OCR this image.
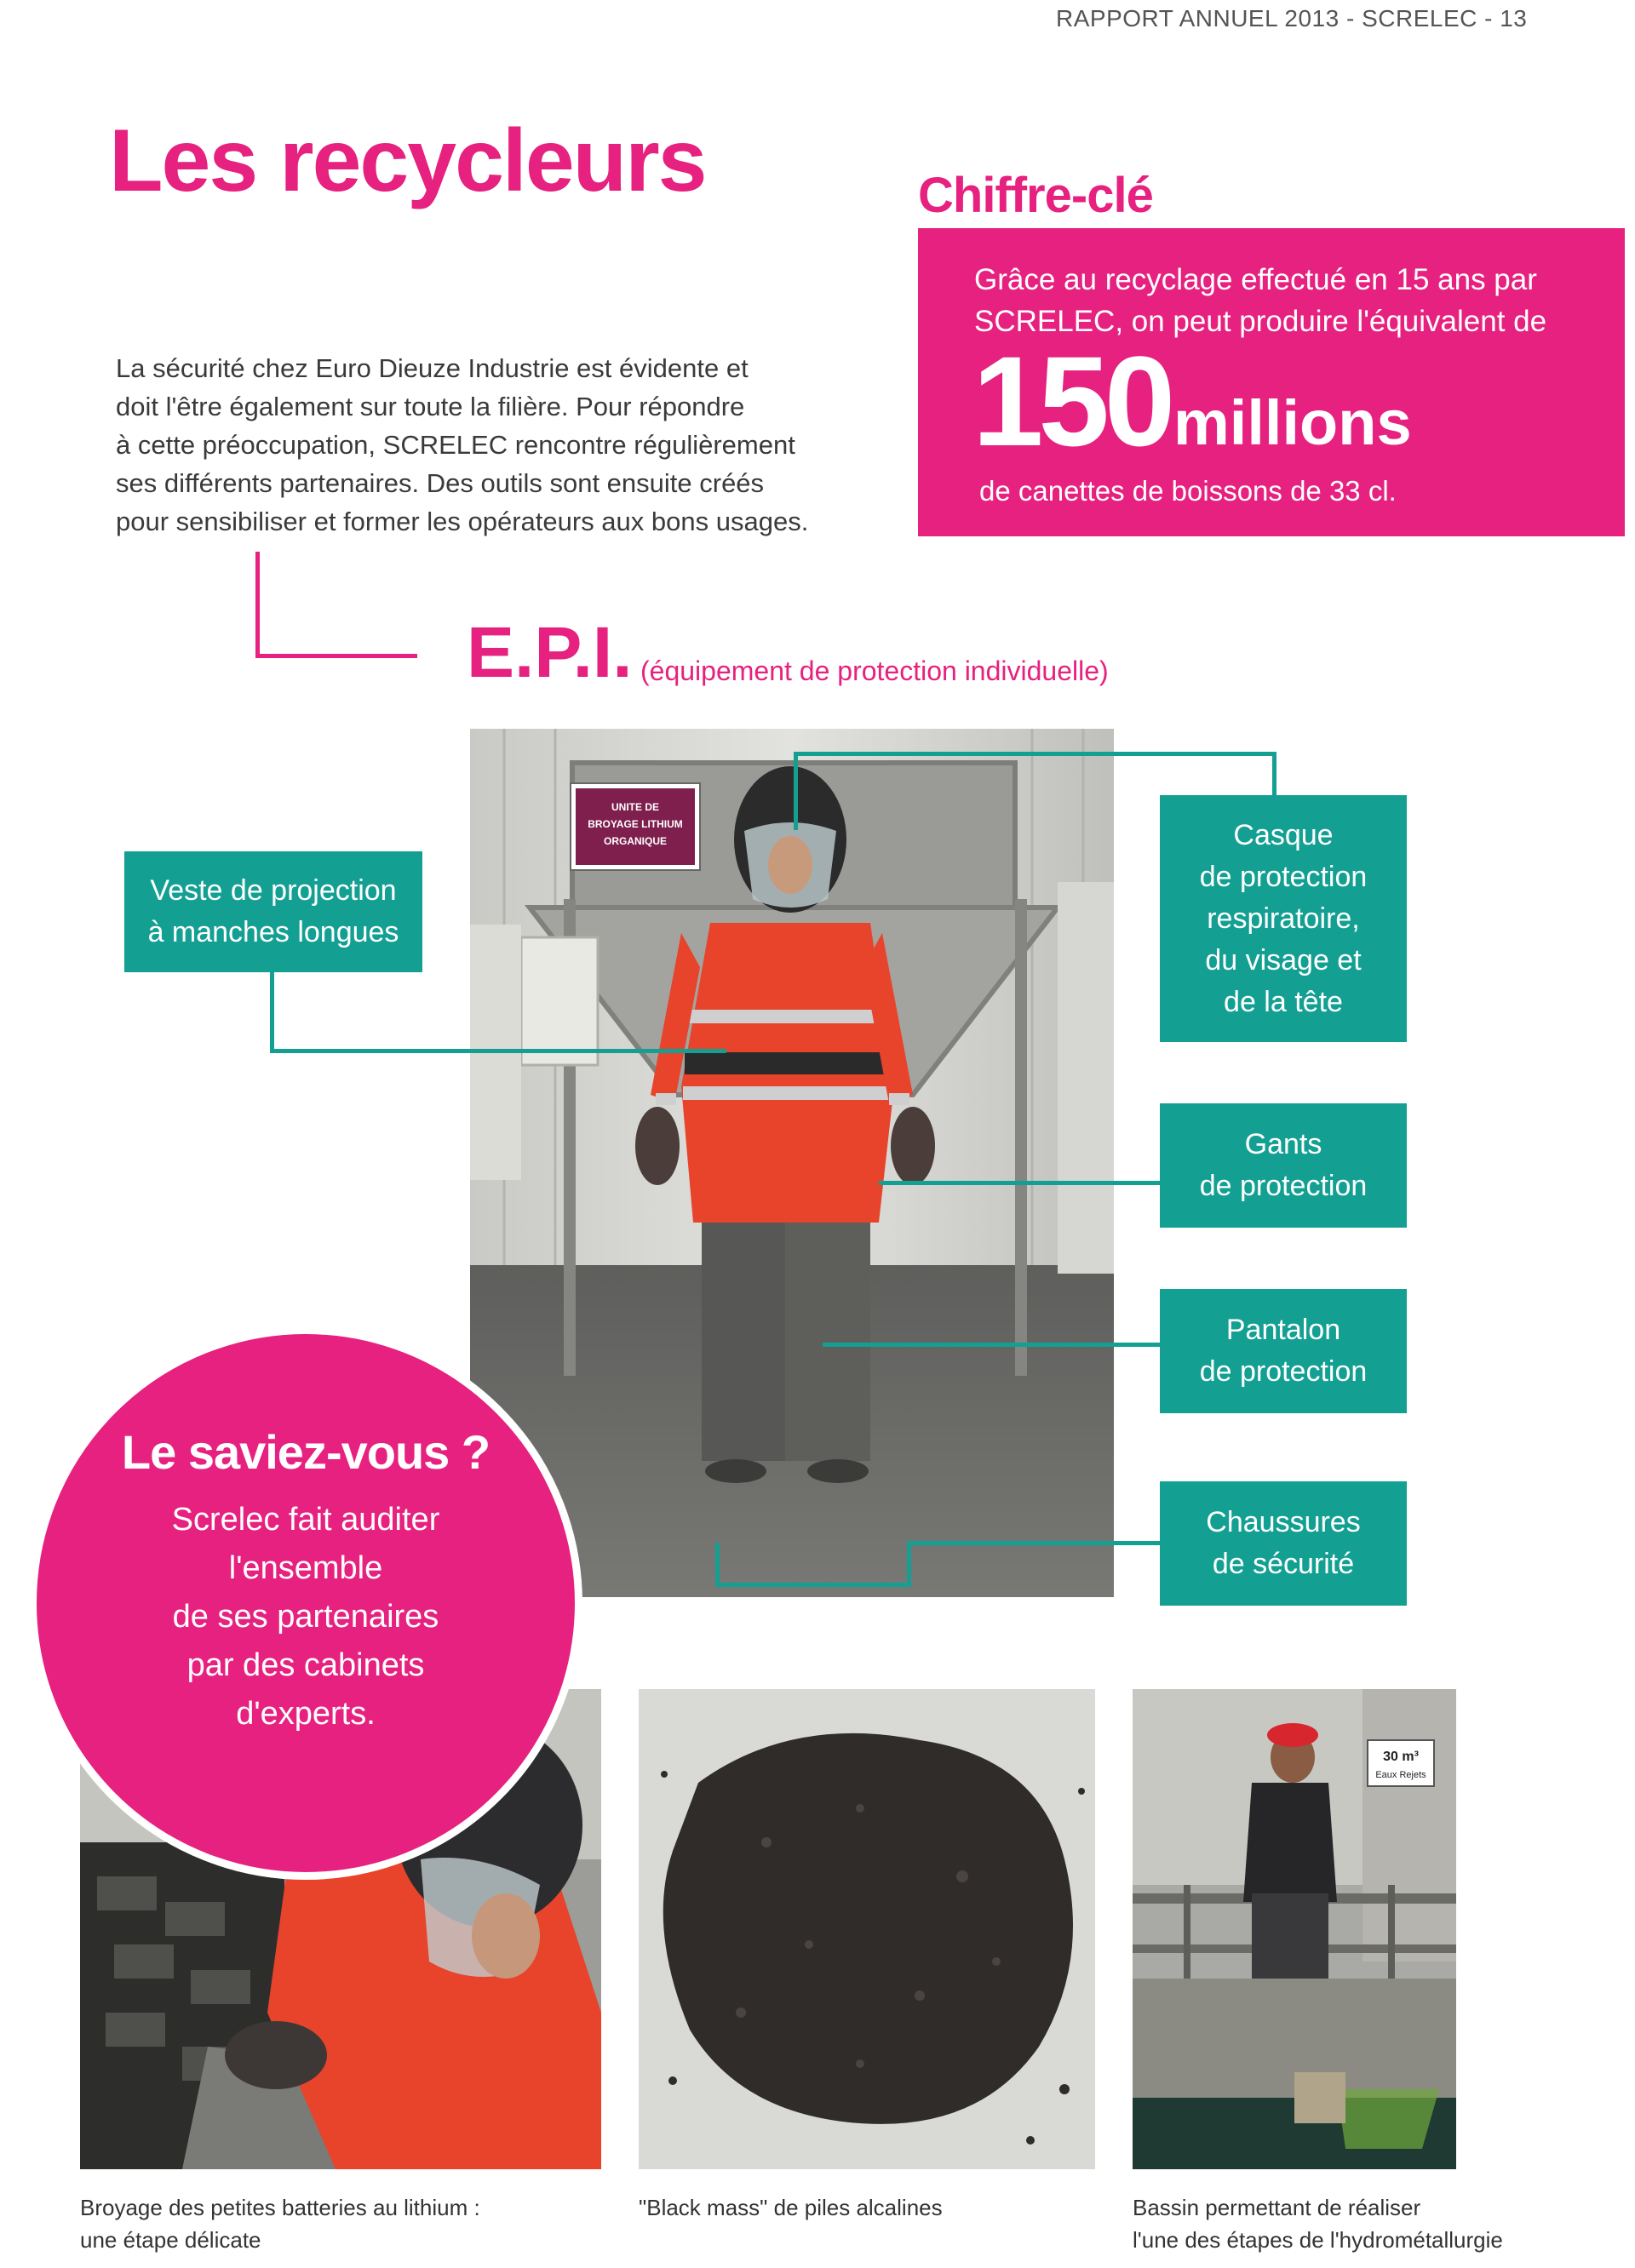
RAPPORT ANNUEL 2013 - SCRELEC - 13
Les recycleurs	Chiffre-clé
Grâce au recyclage effectué en 15 ans par
SCRELEC, on peut produire l'équivalent de
150 millions
de canettes de boissons de 33 cl.
La sécurité chez Euro Dieuze Industrie est évidente et
doit l'être également sur toute la filière. Pour répondre
à cette préoccupation, SCRELEC rencontre régulièrement
ses différents partenaires. Des outils sont ensuite créés
pour sensibiliser et former les opérateurs aux bons usages.
E.P.I. (équipement de protection individuelle)
UNITE DE
BROYAGE LITHIUM
ORGANIQUE
Veste de projection
à manches longues
Casque
de protection
respiratoire,
du visage et
de la tête
Gants
de protection
Pantalon
de protection
Chaussures
de sécurité
30 m³
Eaux Rejets
Le saviez-vous ?
Screlec fait auditer
l'ensemble
de ses partenaires
par des cabinets
d'experts.
Broyage des petites batteries au lithium :
une étape délicate
"Black mass" de piles alcalines	Bassin permettant de réaliser
l'une des étapes de l'hydrométallurgie
